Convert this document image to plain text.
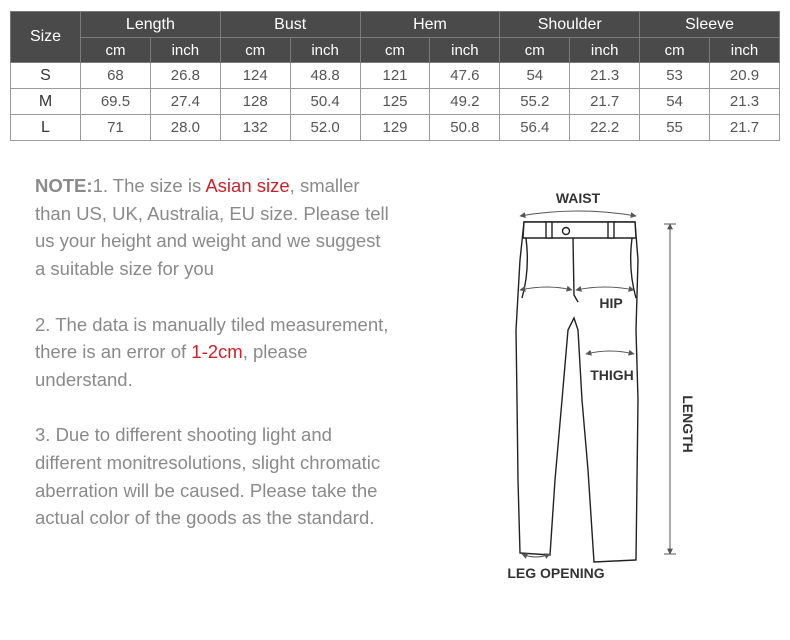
Size	Length		Bust		Hem		Shoulder		Sleeve	
	cm	inch	cm	inch	cm	inch	cm	inch	cm	inch
S	68	26.8	124	48.8	121	47.6	54	21.3	53	20.9
M	69.5	27.4	128	50.4	125	49.2	55.2	21.7	54	21.3
L	71	28.0	132	52.0	129	50.8	56.4	22.2	55	21.7

NOTE:1. The size is Asian size, smaller than US, UK, Australia, EU size. Please tell us your height and weight and we suggest a suitable size for you

2. The data is manually tiled measurement, there is an error of 1-2cm, please understand.

3. Due to different shooting light and different monitresolutions, slight chromatic aberration will be caused. Please take the actual color of the goods as the standard.

WAIST
HIP
THIGH
LENGTH
LEG OPENING
